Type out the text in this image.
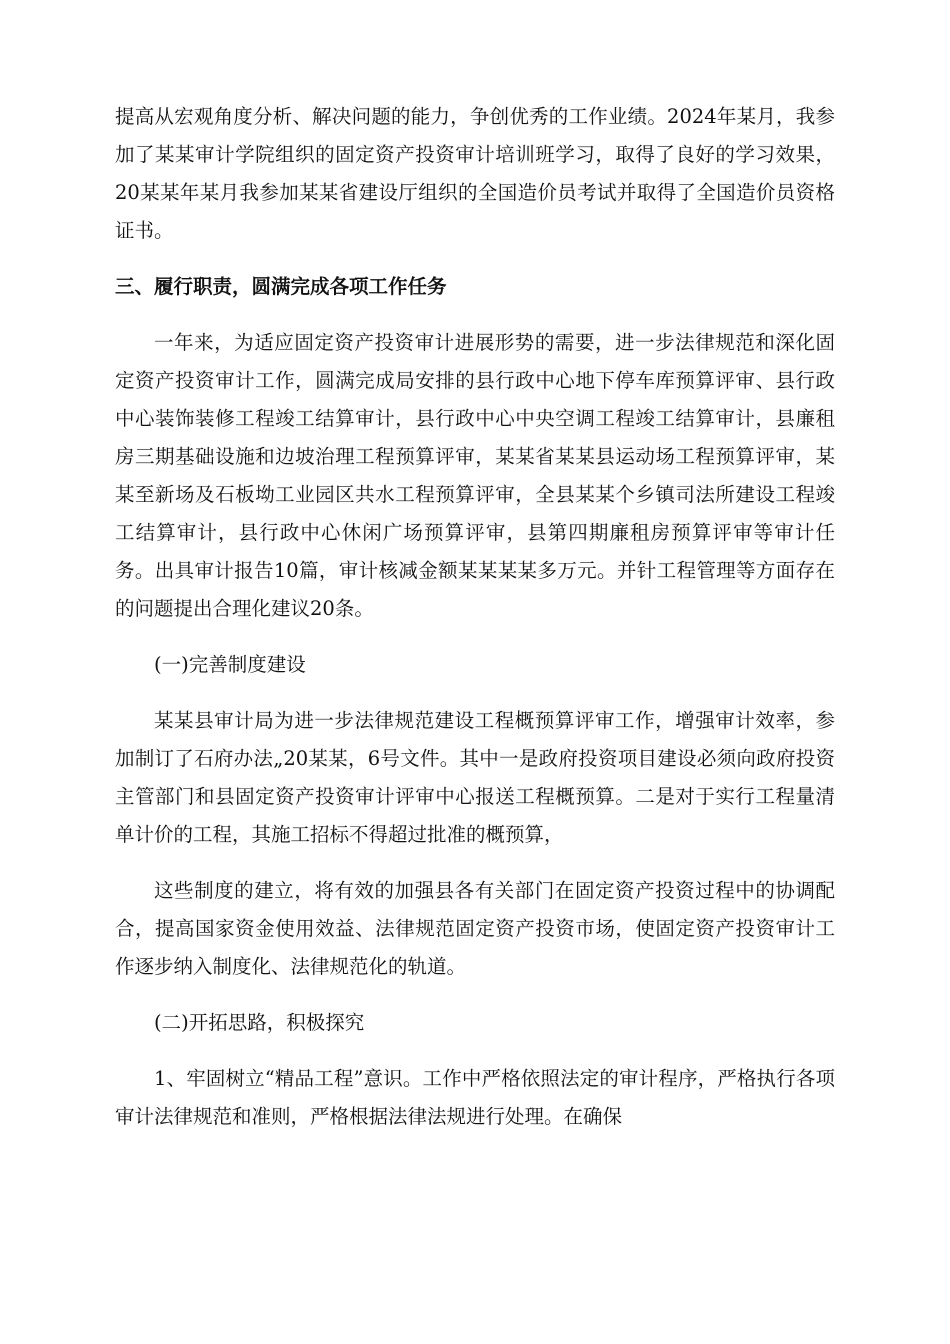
提高从宏观角度分析、解决问题的能力，争创优秀的工作业绩。2024年某月，我参加了某某审计学院组织的固定资产投资审计培训班学习，取得了良好的学习效果，20某某年某月我参加某某省建设厅组织的全国造价员考试并取得了全国造价员资格证书。

三、履行职责，圆满完成各项工作任务

一年来，为适应固定资产投资审计进展形势的需要，进一步法律规范和深化固定资产投资审计工作，圆满完成局安排的县行政中心地下停车库预算评审、县行政中心装饰装修工程竣工结算审计，县行政中心中央空调工程竣工结算审计，县廉租房三期基础设施和边坡治理工程预算评审，某某省某某县运动场工程预算评审，某某至新场及石板坳工业园区共水工程预算评审，全县某某个乡镇司法所建设工程竣工结算审计，县行政中心休闲广场预算评审，县第四期廉租房预算评审等审计任务。出具审计报告10篇，审计核减金额某某某某多万元。并针工程管理等方面存在的问题提出合理化建议20条。

(一)完善制度建设

某某县审计局为进一步法律规范建设工程概预算评审工作，增强审计效率，参加制订了石府办法„20某某，6号文件。其中一是政府投资项目建设必须向政府投资主管部门和县固定资产投资审计评审中心报送工程概预算。二是对于实行工程量清单计价的工程，其施工招标不得超过批准的概预算，

这些制度的建立，将有效的加强县各有关部门在固定资产投资过程中的协调配合，提高国家资金使用效益、法律规范固定资产投资市场，使固定资产投资审计工作逐步纳入制度化、法律规范化的轨道。

(二)开拓思路，积极探究

1、牢固树立“精品工程”意识。工作中严格依照法定的审计程序，严格执行各项审计法律规范和准则，严格根据法律法规进行处理。在确保
